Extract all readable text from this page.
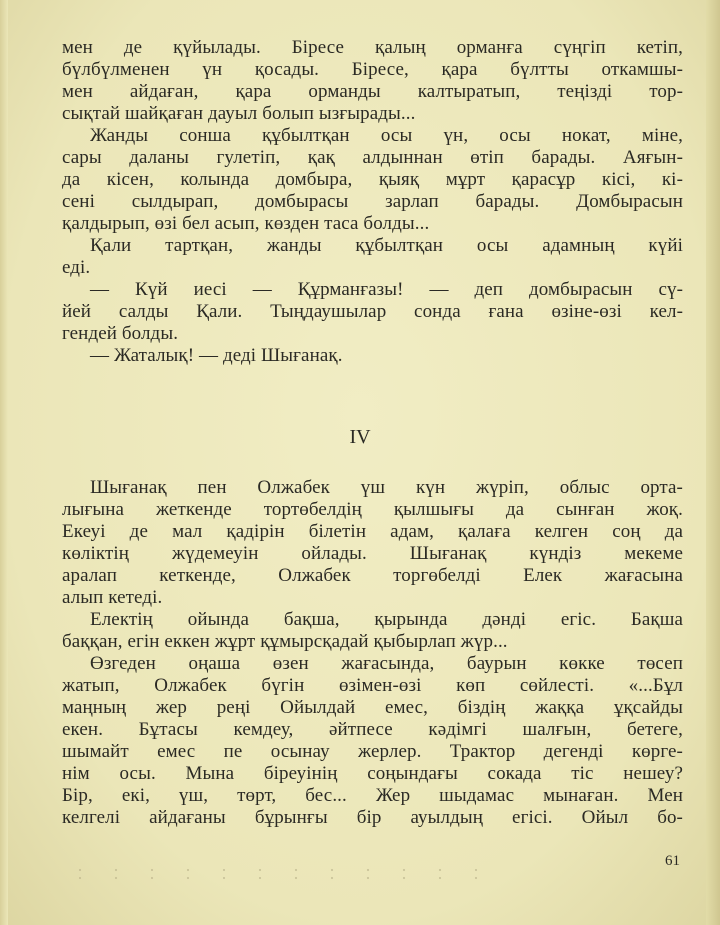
мен де қүйылады. Біресе қалың орманға сүңгіп кетіп,
бүлбүлменен үн қосады. Біресе, қара бүлтты откамшы-
мен айдаған, қара орманды калтыратып, теңізді тор-
сықтай шайқаған дауыл болып ызғырады...
Жанды сонша құбылтқан осы үн, осы нокат, міне,
сары даланы гулетіп, қақ алдыннан өтіп барады. Аяғын-
да кісен, колында домбыра, қыяқ мұрт қарасұр кісі, кі-
сені сылдырап, домбырасы зарлап барады. Домбырасын
қалдырып, өзі бел асып, көзден таса болды...
Қали тартқан, жанды құбылтқан осы адамның күйі
еді.
— Күй иесі — Құрманғазы! — деп домбырасын сү-
йей салды Қали. Тыңдаушылар сонда ғана өзіне-өзі кел-
гендей болды.
— Жаталық! — деді Шығанақ.
IV
Шығанақ пен Олжабек үш күн жүріп, облыс орта-
лығына жеткенде тортөбелдің қылшығы да сынған жоқ.
Екеуі де мал қадірін білетін адам, қалаға келген соң да
көліктің жүдемеуін ойлады. Шығанақ күндіз мекеме
аралап кеткенде, Олжабек торгөбелді Елек жағасына
алып кетеді.
Електің ойында бақша, қырында дәнді егіс. Бақша
баққан, егін еккен жұрт құмырсқадай қыбырлап жүр...
Өзгеден оңаша өзен жағасында, баурын көкке төсеп
жатып, Олжабек бүгін өзімен-өзі көп сөйлесті. «...Бұл
маңның жер реңі Ойылдай емес, біздің жаққа ұқсайды
екен. Бұтасы кемдеу, әйтпесе кәдімгі шалғын, бетеге,
шымайт емес пе осынау жерлер. Трактор дегенді көрге-
нім осы. Мына біреуінің соңындағы сокада тіс нешеу?
Бір, екі, үш, төрт, бес... Жер шыдамас мынаған. Мен
келгелі айдағаны бұрынғы бір ауылдың егісі. Ойыл бо-
61
